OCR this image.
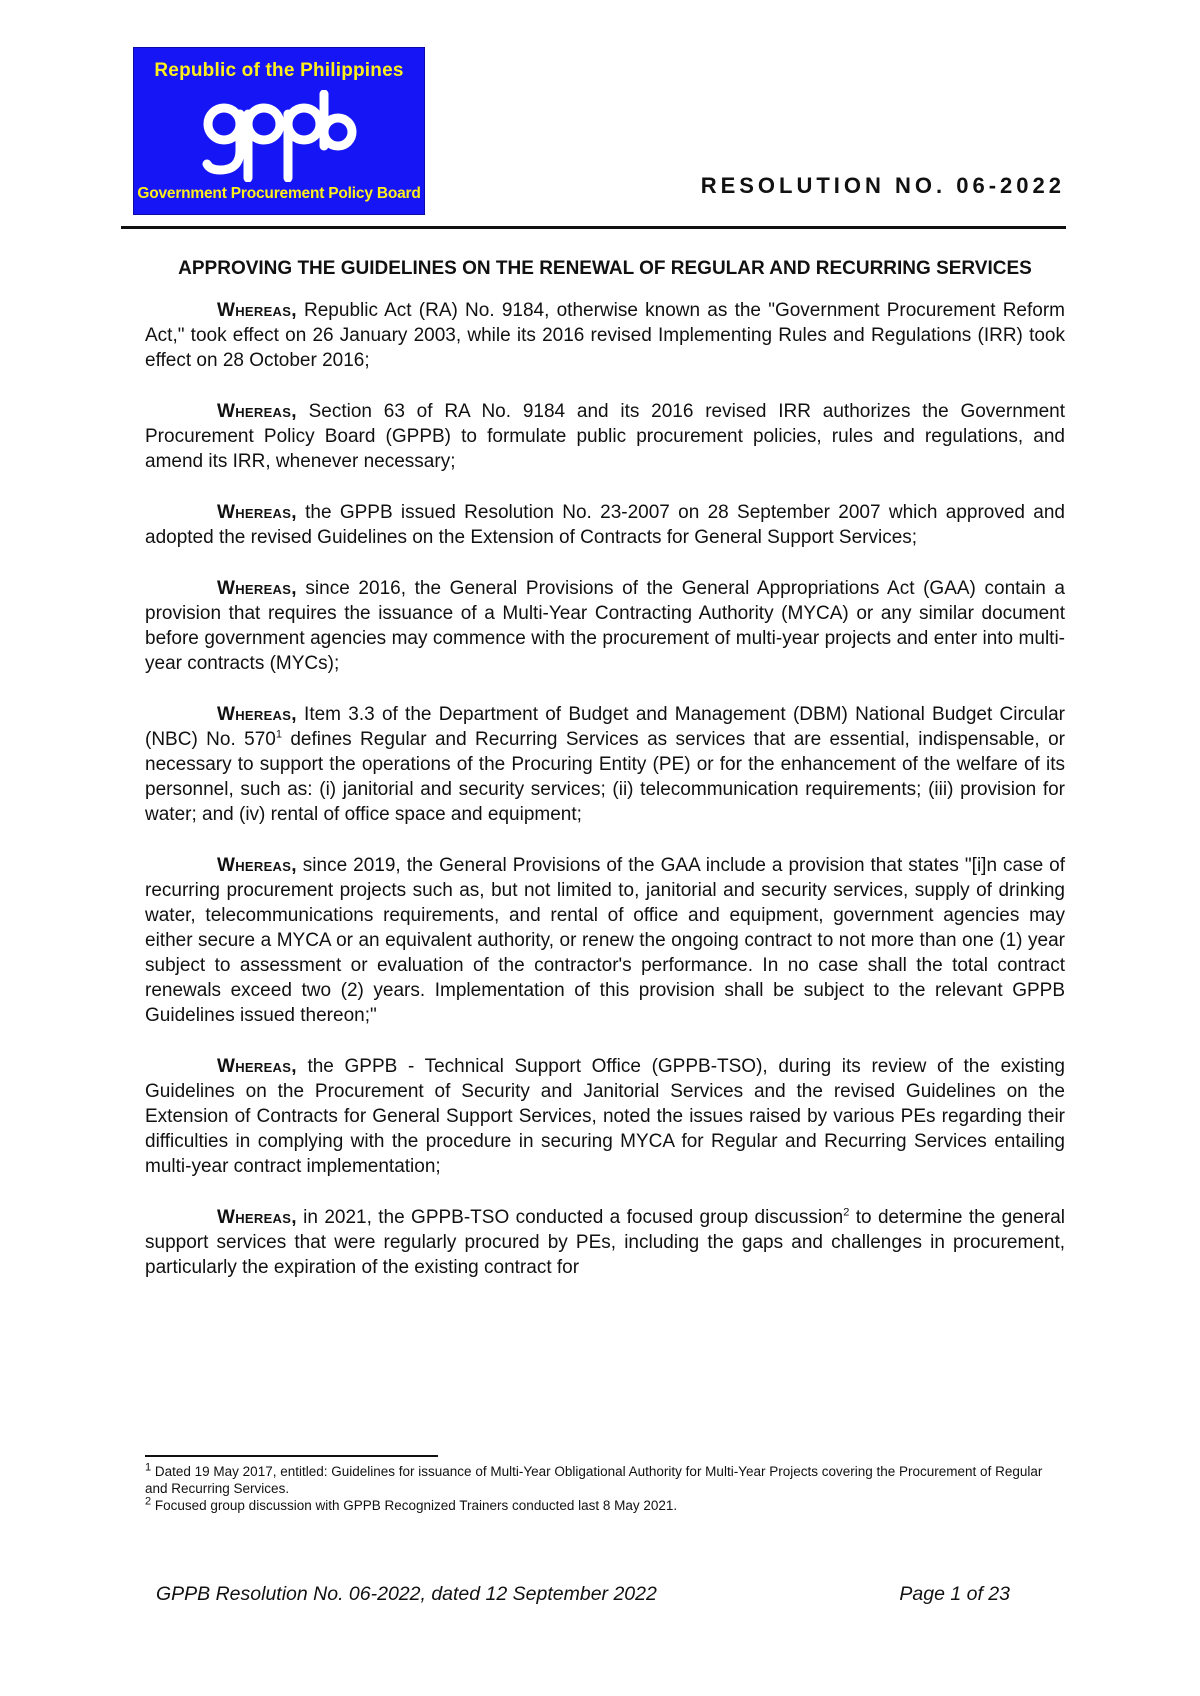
Republic of the Philippines
Government Procurement Policy Board	RESOLUTION NO. 06-2022
APPROVING THE GUIDELINES ON THE RENEWAL OF REGULAR AND RECURRING SERVICES

Whereas, Republic Act (RA) No. 9184, otherwise known as the "Government Procurement Reform Act," took effect on 26 January 2003, while its 2016 revised Implementing Rules and Regulations (IRR) took effect on 28 October 2016;

Whereas, Section 63 of RA No. 9184 and its 2016 revised IRR authorizes the Government Procurement Policy Board (GPPB) to formulate public procurement policies, rules and regulations, and amend its IRR, whenever necessary;

Whereas, the GPPB issued Resolution No. 23-2007 on 28 September 2007 which approved and adopted the revised Guidelines on the Extension of Contracts for General Support Services;

Whereas, since 2016, the General Provisions of the General Appropriations Act (GAA) contain a provision that requires the issuance of a Multi-Year Contracting Authority (MYCA) or any similar document before government agencies may commence with the procurement of multi-year projects and enter into multi-year contracts (MYCs);

Whereas, Item 3.3 of the Department of Budget and Management (DBM) National Budget Circular (NBC) No. $570^1$ defines Regular and Recurring Services as services that are essential, indispensable, or necessary to support the operations of the Procuring Entity (PE) or for the enhancement of the welfare of its personnel, such as: (i) janitorial and security services; (ii) telecommunication requirements; (iii) provision for water; and (iv) rental of office space and equipment;

Whereas, since 2019, the General Provisions of the GAA include a provision that states "[i]n case of recurring procurement projects such as, but not limited to, janitorial and security services, supply of drinking water, telecommunications requirements, and rental of office and equipment, government agencies may either secure a MYCA or an equivalent authority, or renew the ongoing contract to not more than one (1) year subject to assessment or evaluation of the contractor's performance. In no case shall the total contract renewals exceed two (2) years. Implementation of this provision shall be subject to the relevant GPPB Guidelines issued thereon;"

Whereas, the GPPB - Technical Support Office (GPPB-TSO), during its review of the existing Guidelines on the Procurement of Security and Janitorial Services and the revised Guidelines on the Extension of Contracts for General Support Services, noted the issues raised by various PEs regarding their difficulties in complying with the procedure in securing MYCA for Regular and Recurring Services entailing multi-year contract implementation;

Whereas, in 2021, the GPPB-TSO conducted a focused group discussion$^2$ to determine the general support services that were regularly procured by PEs, including the gaps and challenges in procurement, particularly the expiration of the existing contract for

$^1$ Dated 19 May 2017, entitled: Guidelines for issuance of Multi-Year Obligational Authority for Multi-Year Projects covering the Procurement of Regular and Recurring Services.

$^2$ Focused group discussion with GPPB Recognized Trainers conducted last 8 May 2021.

GPPB Resolution No. 06-2022, dated 12 September 2022	Page 1 of 23
